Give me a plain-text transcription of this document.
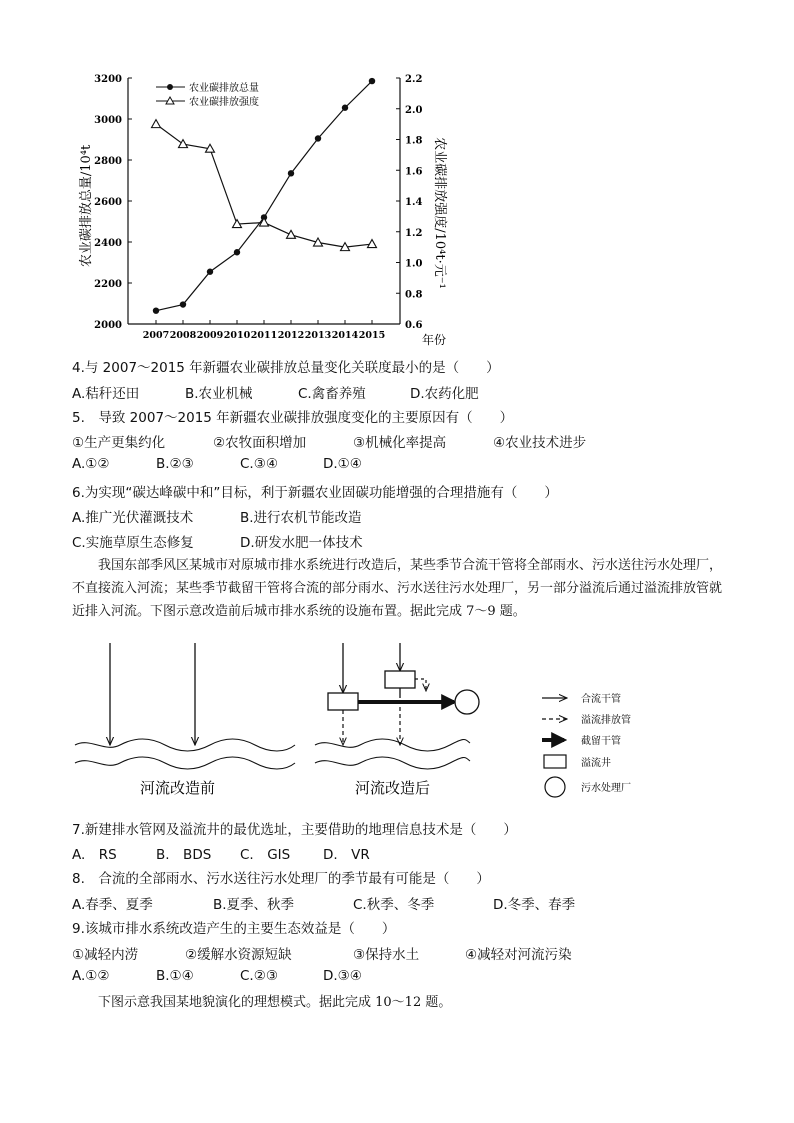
农业碳排放总量/10⁴t	农业碳排放强度/10⁴t·元⁻¹
年份
2000
2200
2400
2600
2800
3000
3200
0.6
0.8
1.0
1.2
1.4
1.6
1.8
2.0
2.2
2007 2008 2009 2010 2011 2012 2013 2014 2015
农业碳排放总量
农业碳排放强度
4.与 2007～2015 年新疆农业碳排放总量变化关联度最小的是（　　）
A.秸秆还田	B.农业机械	C.禽畜养殖	D.农药化肥
5.　导致 2007～2015 年新疆农业碳排放强度变化的主要原因有（　　）
①生产更集约化	②农牧面积增加	③机械化率提高	④农业技术进步
A.①②	B.②③	C.③④	D.①④
6.为实现“碳达峰碳中和”目标，利于新疆农业固碳功能增强的合理措施有（　　）
A.推广光伏灌溉技术	B.进行农机节能改造
C.实施草原生态修复	D.研发水肥一体技术
我国东部季风区某城市对原城市排水系统进行改造后，某些季节合流干管将全部雨水、污水送往污水处理厂，不直接流入河流；某些季节截留干管将合流的部分雨水、污水送往污水处理厂，另一部分溢流后通过溢流排放管就近排入河流。下图示意改造前后城市排水系统的设施布置。据此完成 7～9 题。
河流改造前	河流改造后
合流干管
溢流排放管
截留干管
溢流井
污水处理厂
7.新建排水管网及溢流井的最优选址，主要借助的地理信息技术是（　　）
A.　RS	B.　BDS C.　GIS D.　VR
8.　合流的全部雨水、污水送往污水处理厂的季节最有可能是（　　）
A.春季、夏季	B.夏季、秋季	C.秋季、冬季	D.冬季、春季
9.该城市排水系统改造产生的主要生态效益是（　　）
①减轻内涝	②缓解水资源短缺	③保持水土	④减轻对河流污染
A.①②	B.①④	C.②③	D.③④
下图示意我国某地貌演化的理想模式。据此完成 10～12 题。
